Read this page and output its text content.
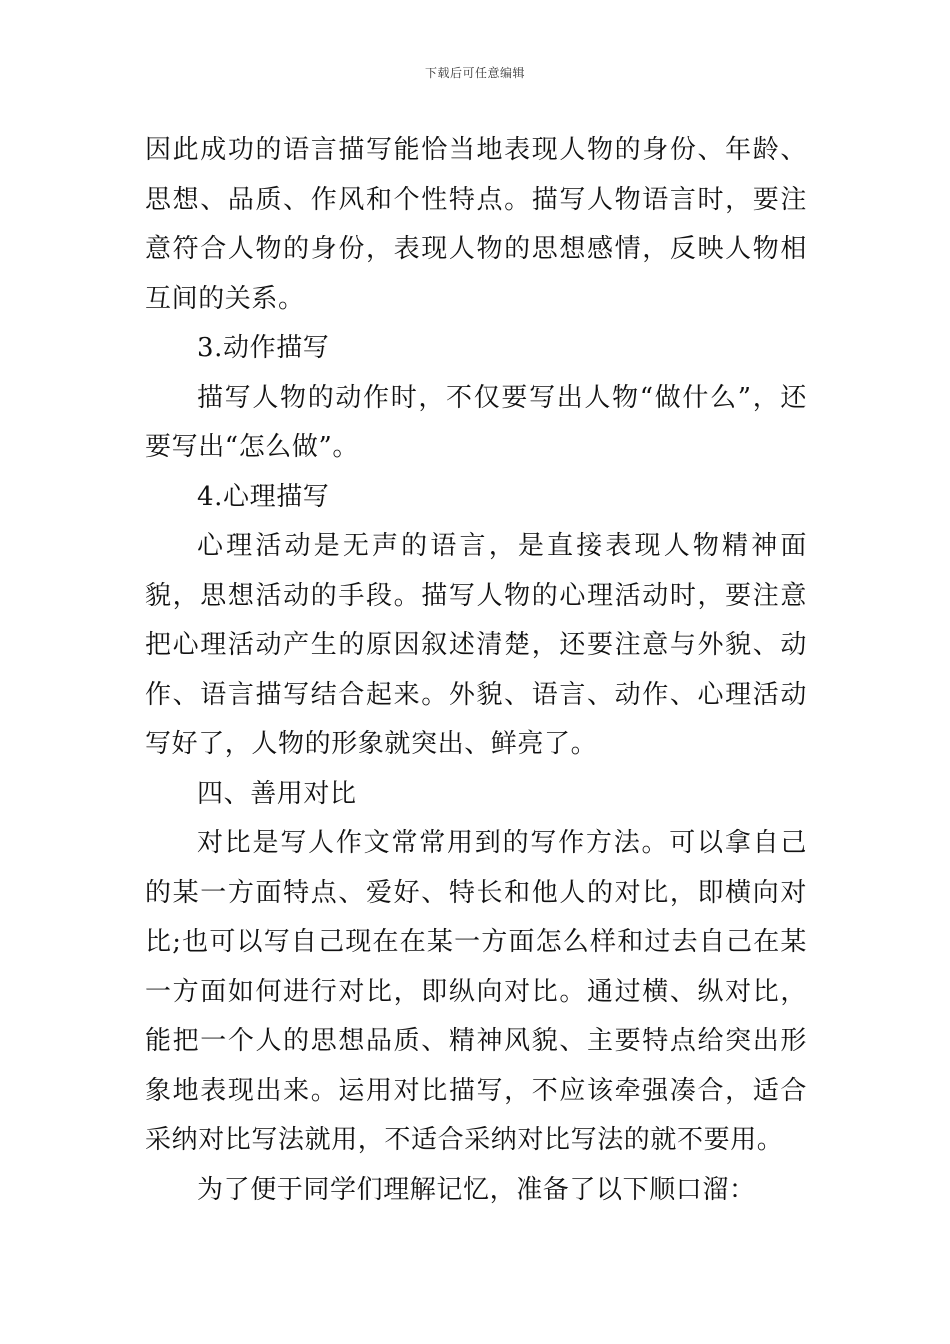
下载后可任意编辑

因此成功的语言描写能恰当地表现人物的身份、年龄、思想、品质、作风和个性特点。描写人物语言时，要注意符合人物的身份，表现人物的思想感情，反映人物相互间的关系。

3.动作描写

描写人物的动作时，不仅要写出人物“做什么”，还要写出“怎么做”。

4.心理描写

心理活动是无声的语言，是直接表现人物精神面貌，思想活动的手段。描写人物的心理活动时，要注意把心理活动产生的原因叙述清楚，还要注意与外貌、动作、语言描写结合起来。外貌、语言、动作、心理活动写好了，人物的形象就突出、鲜亮了。

四、善用对比

对比是写人作文常常用到的写作方法。可以拿自己的某一方面特点、爱好、特长和他人的对比，即横向对比;也可以写自己现在在某一方面怎么样和过去自己在某一方面如何进行对比，即纵向对比。通过横、纵对比，能把一个人的思想品质、精神风貌、主要特点给突出形象地表现出来。运用对比描写，不应该牵强凑合，适合采纳对比写法就用，不适合采纳对比写法的就不要用。

为了便于同学们理解记忆，准备了以下顺口溜：
